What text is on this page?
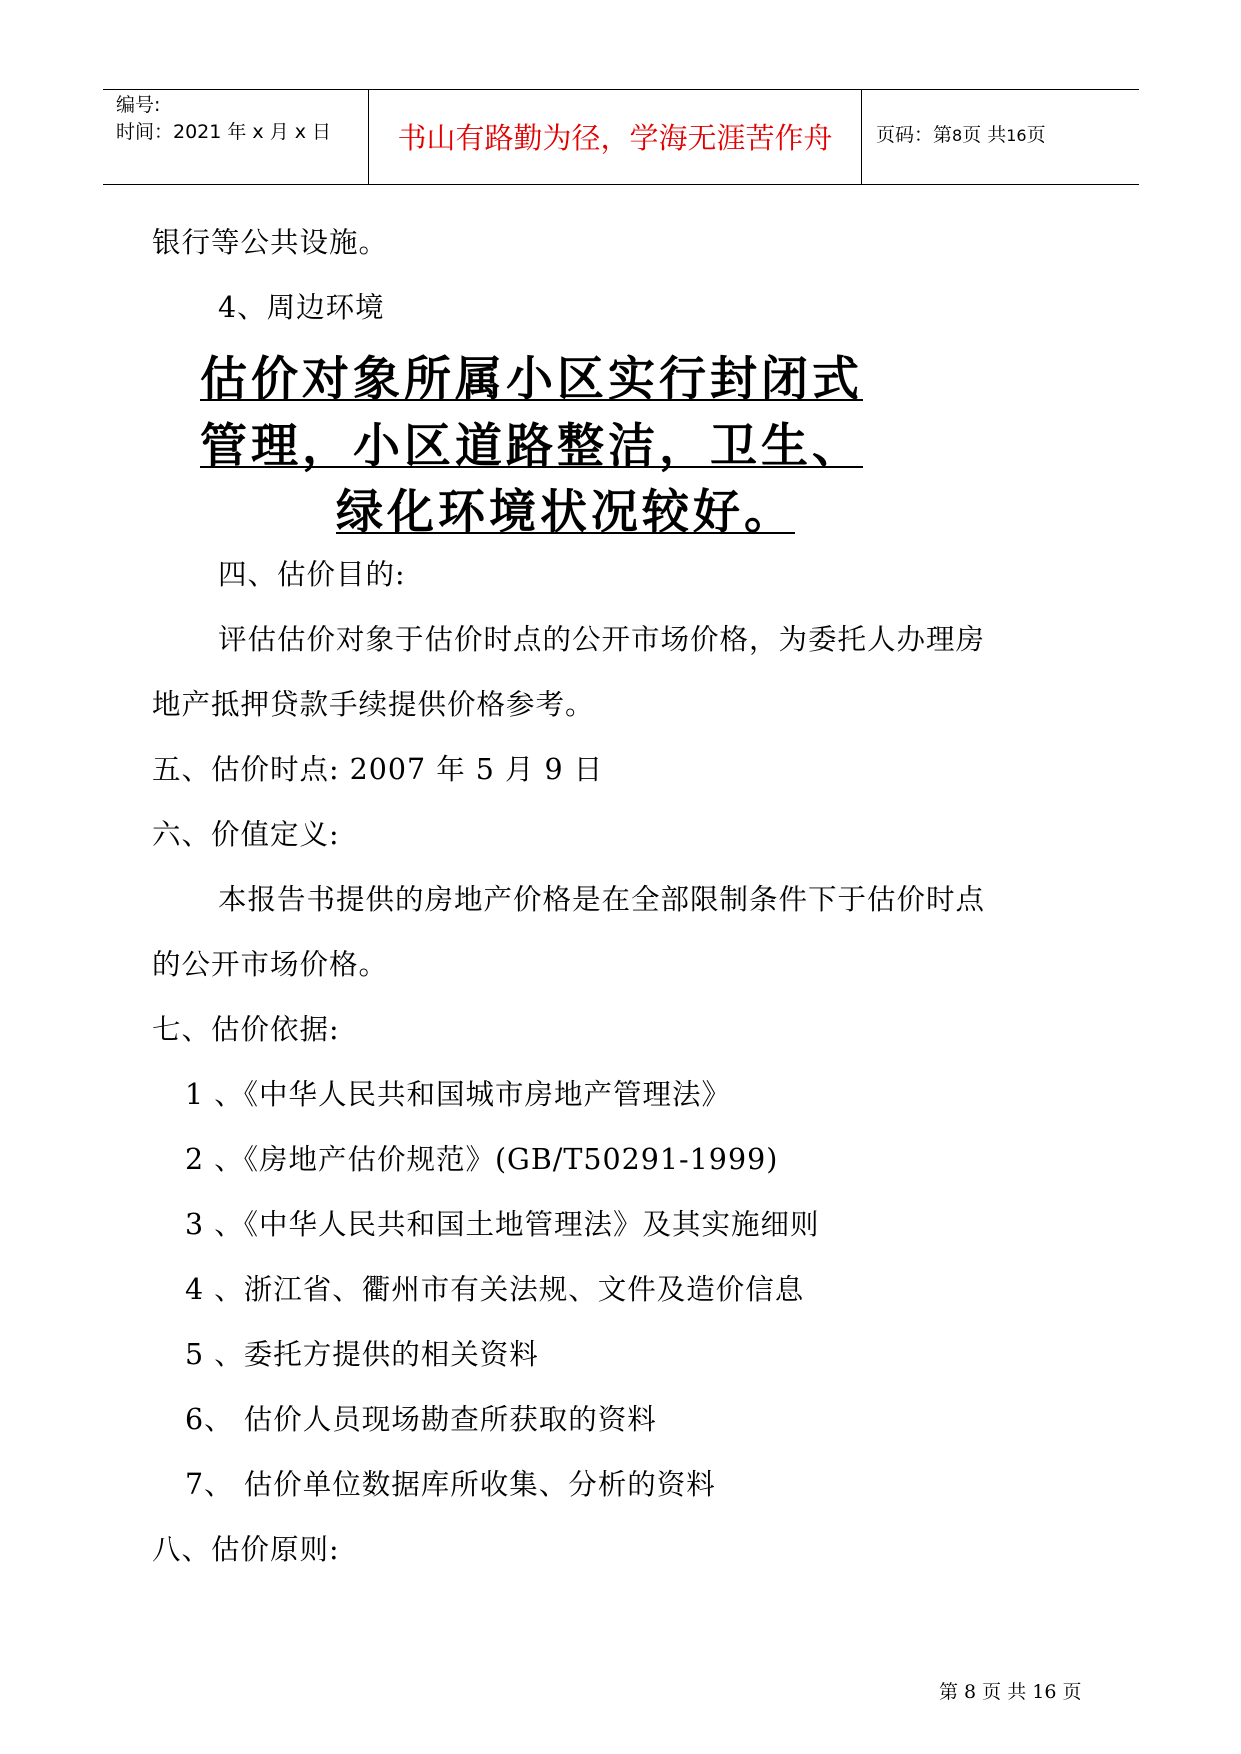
编号:
时间：2021 年 x 月 x 日	书山有路勤为径，学海无涯苦作舟	页码：第8页 共16页
银行等公共设施。
4、周边环境
估价对象所属小区实行封闭式
管理，小区道路整洁，卫生、
绿化环境状况较好。
四、估价目的:
评估估价对象于估价时点的公开市场价格，为委托人办理房
地产抵押贷款手续提供价格参考。
五、估价时点: 2007 年 5 月 9 日
六、价值定义:
本报告书提供的房地产价格是在全部限制条件下于估价时点
的公开市场价格。
七、估价依据:
1 、《中华人民共和国城市房地产管理法》
2 、《房地产估价规范》(GB/T50291-1999)
3 、《中华人民共和国土地管理法》及其实施细则
4 、浙江省、衢州市有关法规、文件及造价信息
5 、委托方提供的相关资料
6、 估价人员现场勘查所获取的资料
7、 估价单位数据库所收集、分析的资料
八、估价原则:
第 8 页 共 16 页
